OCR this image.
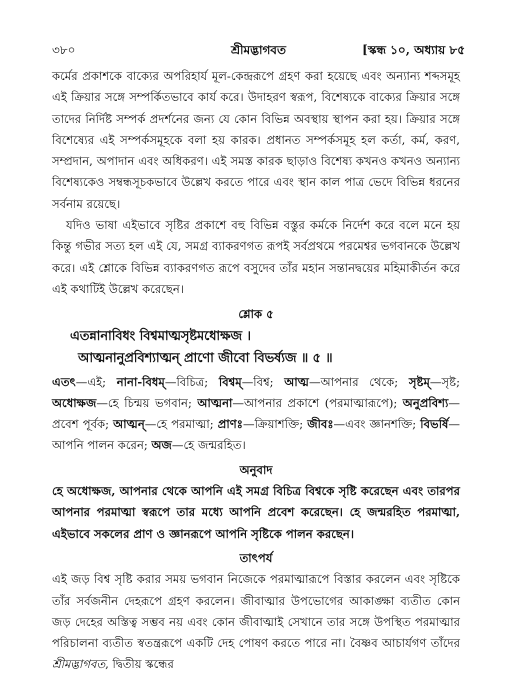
৩৮০	শ্রীমদ্ভাগবত	[স্কন্ধ ১০, অধ্যায় ৮৫

কর্মের প্রকাশকে বাক্যের অপরিহার্য মূল-কেন্দ্ররূপে গ্রহণ করা হয়েছে এবং অন্যান্য শব্দসমূহ এই ক্রিয়ার সঙ্গে সম্পর্কিতভাবে কার্য করে। উদাহরণ স্বরূপ, বিশেষ্যকে বাক্যের ক্রিয়ার সঙ্গে তাদের নির্দিষ্ট সম্পর্ক প্রদর্শনের জন্য যে কোন বিভিন্ন অবস্থায় স্থাপন করা হয়। ক্রিয়ার সঙ্গে বিশেষ্যের এই সম্পর্কসমূহকে বলা হয় কারক। প্রধানত সম্পর্কসমূহ হল কর্তা, কর্ম, করণ, সম্প্রদান, অপাদান এবং অধিকরণ। এই সমস্ত কারক ছাড়াও বিশেষ্য কখনও কখনও অন্যান্য বিশেষ্যকেও সম্বন্ধসূচকভাবে উল্লেখ করতে পারে এবং স্থান কাল পাত্র ভেদে বিভিন্ন ধরনের সর্বনাম রয়েছে।

যদিও ভাষা এইভাবে সৃষ্টির প্রকাশে বহু বিভিন্ন বস্তুর কর্মকে নির্দেশ করে বলে মনে হয় কিন্তু গভীর সত্য হল এই যে, সমগ্র ব্যাকরণগত রূপই সর্বপ্রথমে পরমেশ্বর ভগবানকে উল্লেখ করে। এই শ্লোকে বিভিন্ন ব্যাকরণগত রূপে বসুদেব তাঁর মহান সন্তানদ্বয়ের মহিমাকীর্তন করে এই কথাটিই উল্লেখ করেছেন।

শ্লোক ৫

এতন্নানাবিধং বিশ্বমাত্মসৃষ্টমধোক্ষজ ।

আত্মনানুপ্রবিশ্যাত্মন্ প্রাণো জীবো বিভর্ষ্যজ ॥ ৫ ॥

এতৎ—এই; নানা-বিধম্—বিচিত্র; বিশ্বম্—বিশ্ব; আত্ম—আপনার থেকে; সৃষ্টম্—সৃষ্ট; অধোক্ষজ—হে চিন্ময় ভগবান; আত্মনা—আপনার প্রকাশে (পরমাত্মারূপে); অনুপ্রবিশ্য—প্রবেশ পূর্বক; আত্মন্—হে পরমাত্মা; প্রাণঃ—ক্রিয়াশক্তি; জীবঃ—এবং জ্ঞানশক্তি; বিভর্ষি—আপনি পালন করেন; অজ—হে জন্মরহিত।

অনুবাদ

হে অধোক্ষজ, আপনার থেকে আপনি এই সমগ্র বিচিত্র বিশ্বকে সৃষ্টি করেছেন এবং তারপর আপনার পরমাত্মা স্বরূপে তার মধ্যে আপনি প্রবেশ করেছেন। হে জন্মরহিত পরমাত্মা, এইভাবে সকলের প্রাণ ও জ্ঞানরূপে আপনি সৃষ্টিকে পালন করছেন।

তাৎপর্য

এই জড় বিশ্ব সৃষ্টি করার সময় ভগবান নিজেকে পরমাত্মারূপে বিস্তার করলেন এবং সৃষ্টিকে তাঁর সর্বজনীন দেহরূপে গ্রহণ করলেন। জীবাত্মার উপভোগের আকাঙ্ক্ষা ব্যতীত কোন জড় দেহের অস্তিত্ব সম্ভব নয় এবং কোন জীবাত্মাই সেখানে তার সঙ্গে উপস্থিত পরমাত্মার পরিচালনা ব্যতীত স্বতন্ত্ররূপে একটি দেহ পোষণ করতে পারে না। বৈষ্ণব আচার্যগণ তাঁদের শ্রীমদ্ভাগবত, দ্বিতীয় স্কন্ধের
